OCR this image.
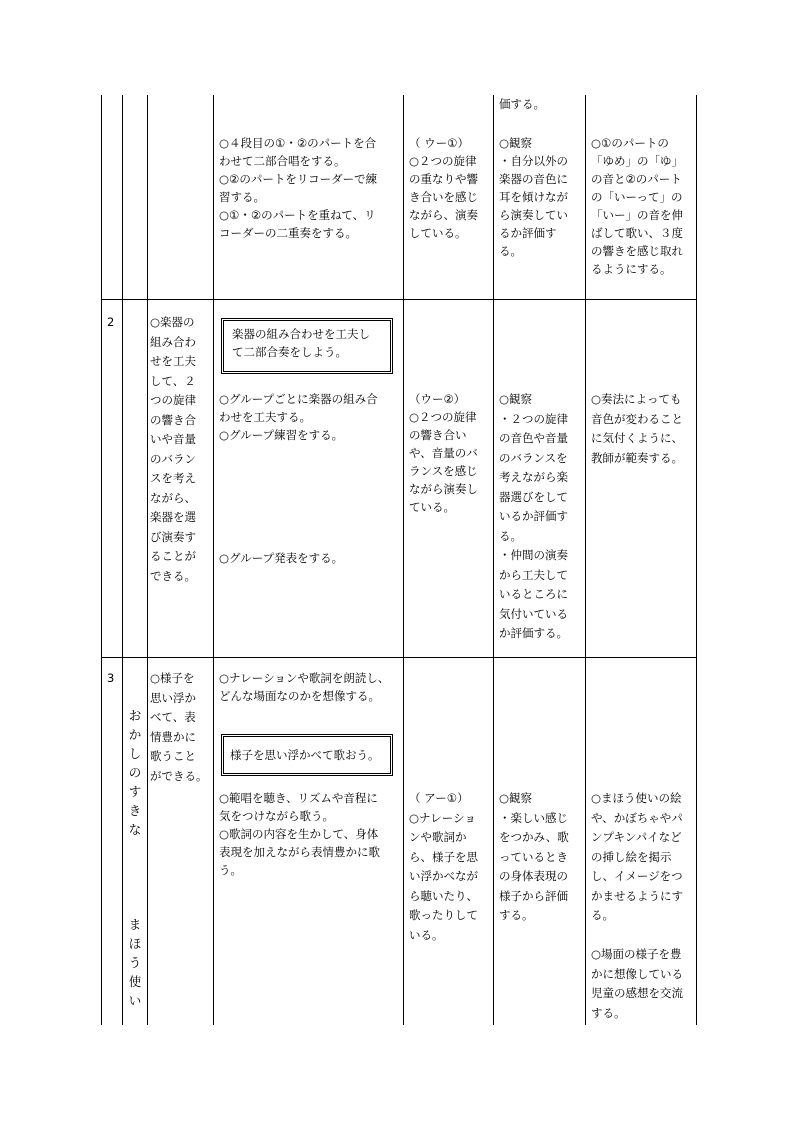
価する。
○４段目の①・②のパートを合
わせて二部合唱をする。
○②のパートをリコーダーで練
習する。
○①・②のパートを重ねて、リ
コーダーの二重奏をする。
（ ウー①）
○２つの旋律
の重なりや響
き合いを感じ
ながら、演奏
している。
○観察
・自分以外の
楽器の音色に
耳を傾けなが
ら演奏してい
るか評価す
る。
○①のパートの
「ゆめ」の「ゆ」
の音と②のパート
の「いーって」の
「いー」の音を伸
ばして歌い、３度
の響きを感じ取れ
るようにする。
2	○楽器の
組み合わ
せを工夫
して、２
つの旋律
の響き合
いや音量
のバラン
スを考え
ながら、
楽器を選
び演奏す
ることが
できる。
楽器の組み合わせを工夫し
て二部合奏をしよう。
○グループごとに楽器の組み合
わせを工夫する。
○グループ練習をする。
○グループ発表をする。
（ウー②）
○２つの旋律
の響き合い
や、音量のバ
ランスを感じ
ながら演奏し
ている。
○観察
・２つの旋律
の音色や音量
のバランスを
考えながら楽
器選びをして
いるか評価す
る。
・仲間の演奏
から工夫して
いるところに
気付いている
か評価する。
○奏法によっても
音色が変わること
に気付くように、
教師が範奏する。
3

お
か
し
の
す
き
な

ま
ほ
う
使
い

○様子を
思い浮か
べて、表
情豊かに
歌うこと
ができる。
○ナレーションや歌詞を朗読し、
どんな場面なのかを想像する。
様子を思い浮かべて歌おう。
○範唱を聴き、リズムや音程に
気をつけながら歌う。
○歌詞の内容を生かして、身体
表現を加えながら表情豊かに歌
う。
（ アー①）
○ナレーショ
ンや歌詞か
ら、様子を思
い浮かべなが
ら聴いたり、
歌ったりして
いる。
○観察
・楽しい感じ
をつかみ、歌
っているとき
の身体表現の
様子から評価
する。
○まほう使いの絵
や、かぼちゃやパ
ンプキンパイなど
の挿し絵を掲示
し、イメージをつ
かませるようにす
る。

○場面の様子を豊
かに想像している
児童の感想を交流
する。
